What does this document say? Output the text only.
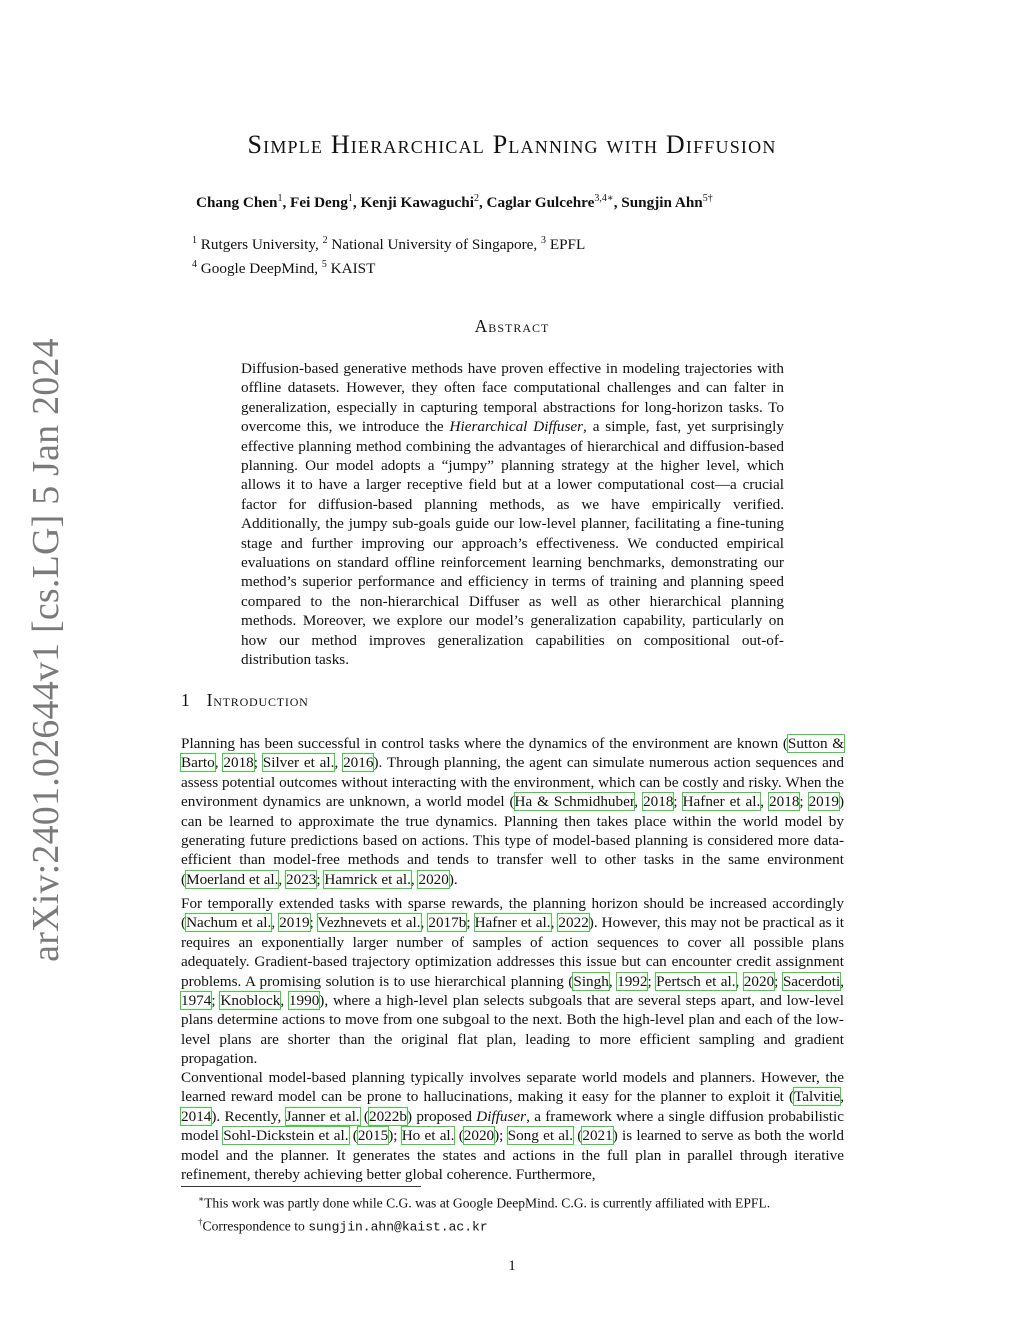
arXiv:2401.02644v1 [cs.LG] 5 Jan 2024
Simple Hierarchical Planning with Diffusion
Chang Chen$^1$, Fei Deng$^1$, Kenji Kawaguchi$^2$, Caglar Gulcehre$^{3,4∗}$, Sungjin Ahn$^{5\dagger}$
$^1$ Rutgers University, $^2$ National University of Singapore, $^3$ EPFL
$^4$ Google DeepMind, $^5$ KAIST
Abstract
Diffusion-based generative methods have proven effective in modeling trajectories with offline datasets. However, they often face computational challenges and can falter in generalization, especially in capturing temporal abstractions for long-horizon tasks. To overcome this, we introduce the Hierarchical Diffuser, a simple, fast, yet surprisingly effective planning method combining the advantages of hierarchical and diffusion-based planning. Our model adopts a “jumpy” planning strategy at the higher level, which allows it to have a larger receptive field but at a lower computational cost—a crucial factor for diffusion-based planning methods, as we have empirically verified. Additionally, the jumpy sub-goals guide our low-level planner, facilitating a fine-tuning stage and further improving our approach’s effectiveness. We conducted empirical evaluations on standard offline reinforcement learning benchmarks, demonstrating our method’s superior performance and efficiency in terms of training and planning speed compared to the non-hierarchical Diffuser as well as other hierarchical planning methods. Moreover, we explore our model’s generalization capability, particularly on how our method improves generalization capabilities on compositional out-of-distribution tasks.
1 Introduction

Planning has been successful in control tasks where the dynamics of the environment are known (Sutton & Barto, 2018; Silver et al., 2016). Through planning, the agent can simulate numerous action sequences and assess potential outcomes without interacting with the environment, which can be costly and risky. When the environment dynamics are unknown, a world model (Ha & Schmidhuber, 2018; Hafner et al., 2018; 2019) can be learned to approximate the true dynamics. Planning then takes place within the world model by generating future predictions based on actions. This type of model-based planning is considered more data-efficient than model-free methods and tends to transfer well to other tasks in the same environment (Moerland et al., 2023; Hamrick et al., 2020).

For temporally extended tasks with sparse rewards, the planning horizon should be increased accordingly (Nachum et al., 2019; Vezhnevets et al., 2017b; Hafner et al., 2022). However, this may not be practical as it requires an exponentially larger number of samples of action sequences to cover all possible plans adequately. Gradient-based trajectory optimization addresses this issue but can encounter credit assignment problems. A promising solution is to use hierarchical planning (Singh, 1992; Pertsch et al., 2020; Sacerdoti, 1974; Knoblock, 1990), where a high-level plan selects subgoals that are several steps apart, and low-level plans determine actions to move from one subgoal to the next. Both the high-level plan and each of the low-level plans are shorter than the original flat plan, leading to more efficient sampling and gradient propagation.

Conventional model-based planning typically involves separate world models and planners. However, the learned reward model can be prone to hallucinations, making it easy for the planner to exploit it (Talvitie, 2014). Recently, Janner et al. (2022b) proposed Diffuser, a framework where a single diffusion probabilistic model Sohl-Dickstein et al. (2015); Ho et al. (2020); Song et al. (2021) is learned to serve as both the world model and the planner. It generates the states and actions in the full plan in parallel through iterative refinement, thereby achieving better global coherence. Furthermore,

∗This work was partly done while C.G. was at Google DeepMind. C.G. is currently affiliated with EPFL.
†Correspondence to sungjin.ahn@kaist.ac.kr
1
